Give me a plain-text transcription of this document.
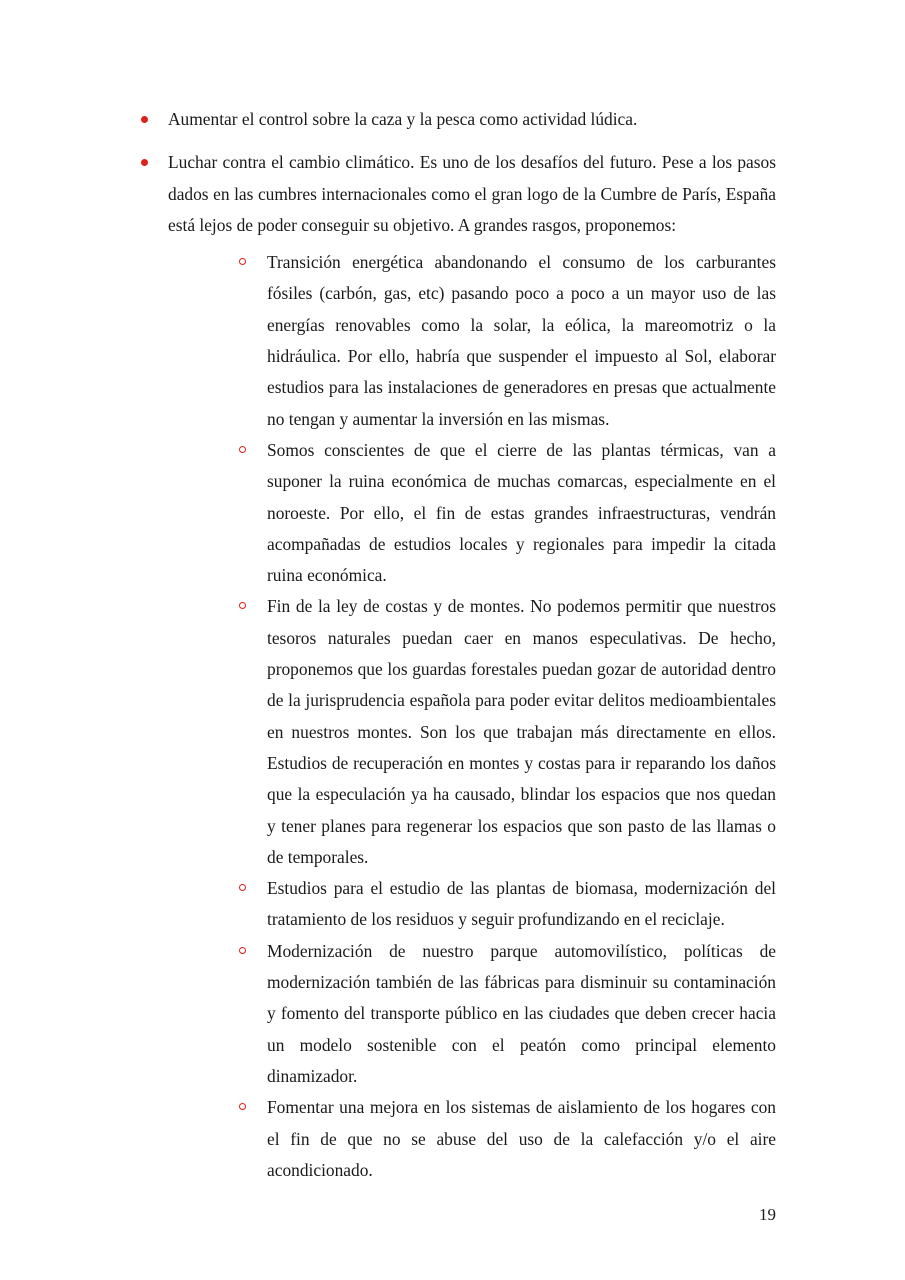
Aumentar el control sobre la caza y la pesca como actividad lúdica.
Luchar contra el cambio climático. Es uno de los desafíos del futuro. Pese a los pasos dados en las cumbres internacionales como el gran logo de la Cumbre de París, España está lejos de poder conseguir su objetivo. A grandes rasgos, proponemos:
Transición energética abandonando el consumo de los carburantes fósiles (carbón, gas, etc) pasando poco a poco a un mayor uso de las energías renovables como la solar, la eólica, la mareomotriz o la hidráulica. Por ello, habría que suspender el impuesto al Sol, elaborar estudios para las instalaciones de generadores en presas que actualmente no tengan y aumentar la inversión en las mismas.
Somos conscientes de que el cierre de las plantas térmicas, van a suponer la ruina económica de muchas comarcas, especialmente en el noroeste. Por ello, el fin de estas grandes infraestructuras, vendrán acompañadas de estudios locales y regionales para impedir la citada ruina económica.
Fin de la ley de costas y de montes. No podemos permitir que nuestros tesoros naturales puedan caer en manos especulativas. De hecho, proponemos que los guardas forestales puedan gozar de autoridad dentro de la jurisprudencia española para poder evitar delitos medioambientales en nuestros montes. Son los que trabajan más directamente en ellos. Estudios de recuperación en montes y costas para ir reparando los daños que la especulación ya ha causado, blindar los espacios que nos quedan y tener planes para regenerar los espacios que son pasto de las llamas o de temporales.
Estudios para el estudio de las plantas de biomasa, modernización del tratamiento de los residuos y seguir profundizando en el reciclaje.
Modernización de nuestro parque automovilístico, políticas de modernización también de las fábricas para disminuir su contaminación y fomento del transporte público en las ciudades que deben crecer hacia un modelo sostenible con el peatón como principal elemento dinamizador.
Fomentar una mejora en los sistemas de aislamiento de los hogares con el fin de que no se abuse del uso de la calefacción y/o el aire acondicionado.
19
